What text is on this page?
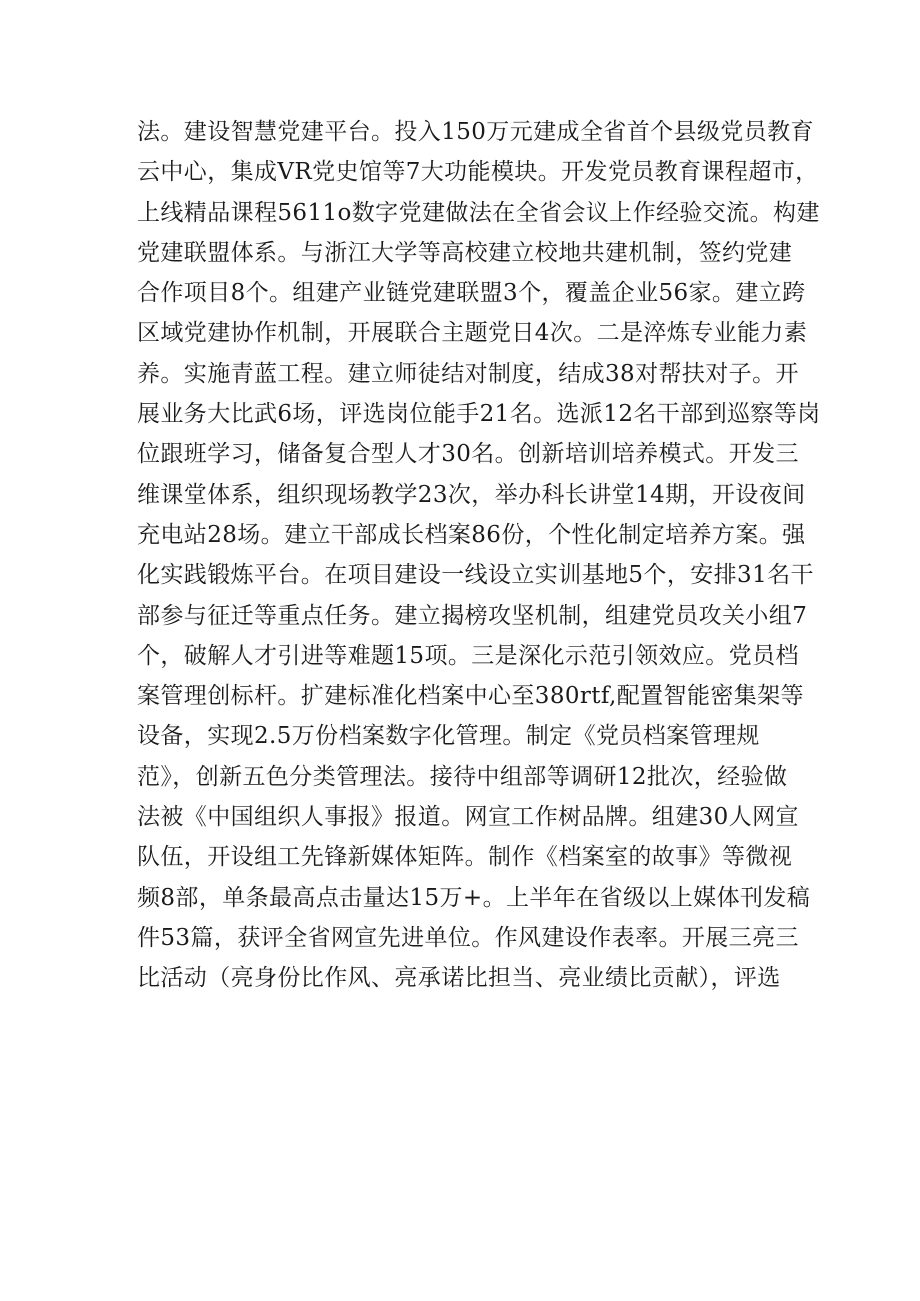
法。建设智慧党建平台。投入150万元建成全省首个县级党员教育
云中心，集成VR党史馆等7大功能模块。开发党员教育课程超市，
上线精品课程5611o数字党建做法在全省会议上作经验交流。构建
党建联盟体系。与浙江大学等高校建立校地共建机制，签约党建
合作项目8个。组建产业链党建联盟3个，覆盖企业56家。建立跨
区域党建协作机制，开展联合主题党日4次。二是淬炼专业能力素
养。实施青蓝工程。建立师徒结对制度，结成38对帮扶对子。开
展业务大比武6场，评选岗位能手21名。选派12名干部到巡察等岗
位跟班学习，储备复合型人才30名。创新培训培养模式。开发三
维课堂体系，组织现场教学23次，举办科长讲堂14期，开设夜间
充电站28场。建立干部成长档案86份，个性化制定培养方案。强
化实践锻炼平台。在项目建设一线设立实训基地5个，安排31名干
部参与征迁等重点任务。建立揭榜攻坚机制，组建党员攻关小组7
个，破解人才引进等难题15项。三是深化示范引领效应。党员档
案管理创标杆。扩建标准化档案中心至380rtf,配置智能密集架等
设备，实现2.5万份档案数字化管理。制定《党员档案管理规
范》，创新五色分类管理法。接待中组部等调研12批次，经验做
法被《中国组织人事报》报道。网宣工作树品牌。组建30人网宣
队伍，开设组工先锋新媒体矩阵。制作《档案室的故事》等微视
频8部，单条最高点击量达15万+。上半年在省级以上媒体刊发稿
件53篇，获评全省网宣先进单位。作风建设作表率。开展三亮三
比活动（亮身份比作风、亮承诺比担当、亮业绩比贡献），评选
